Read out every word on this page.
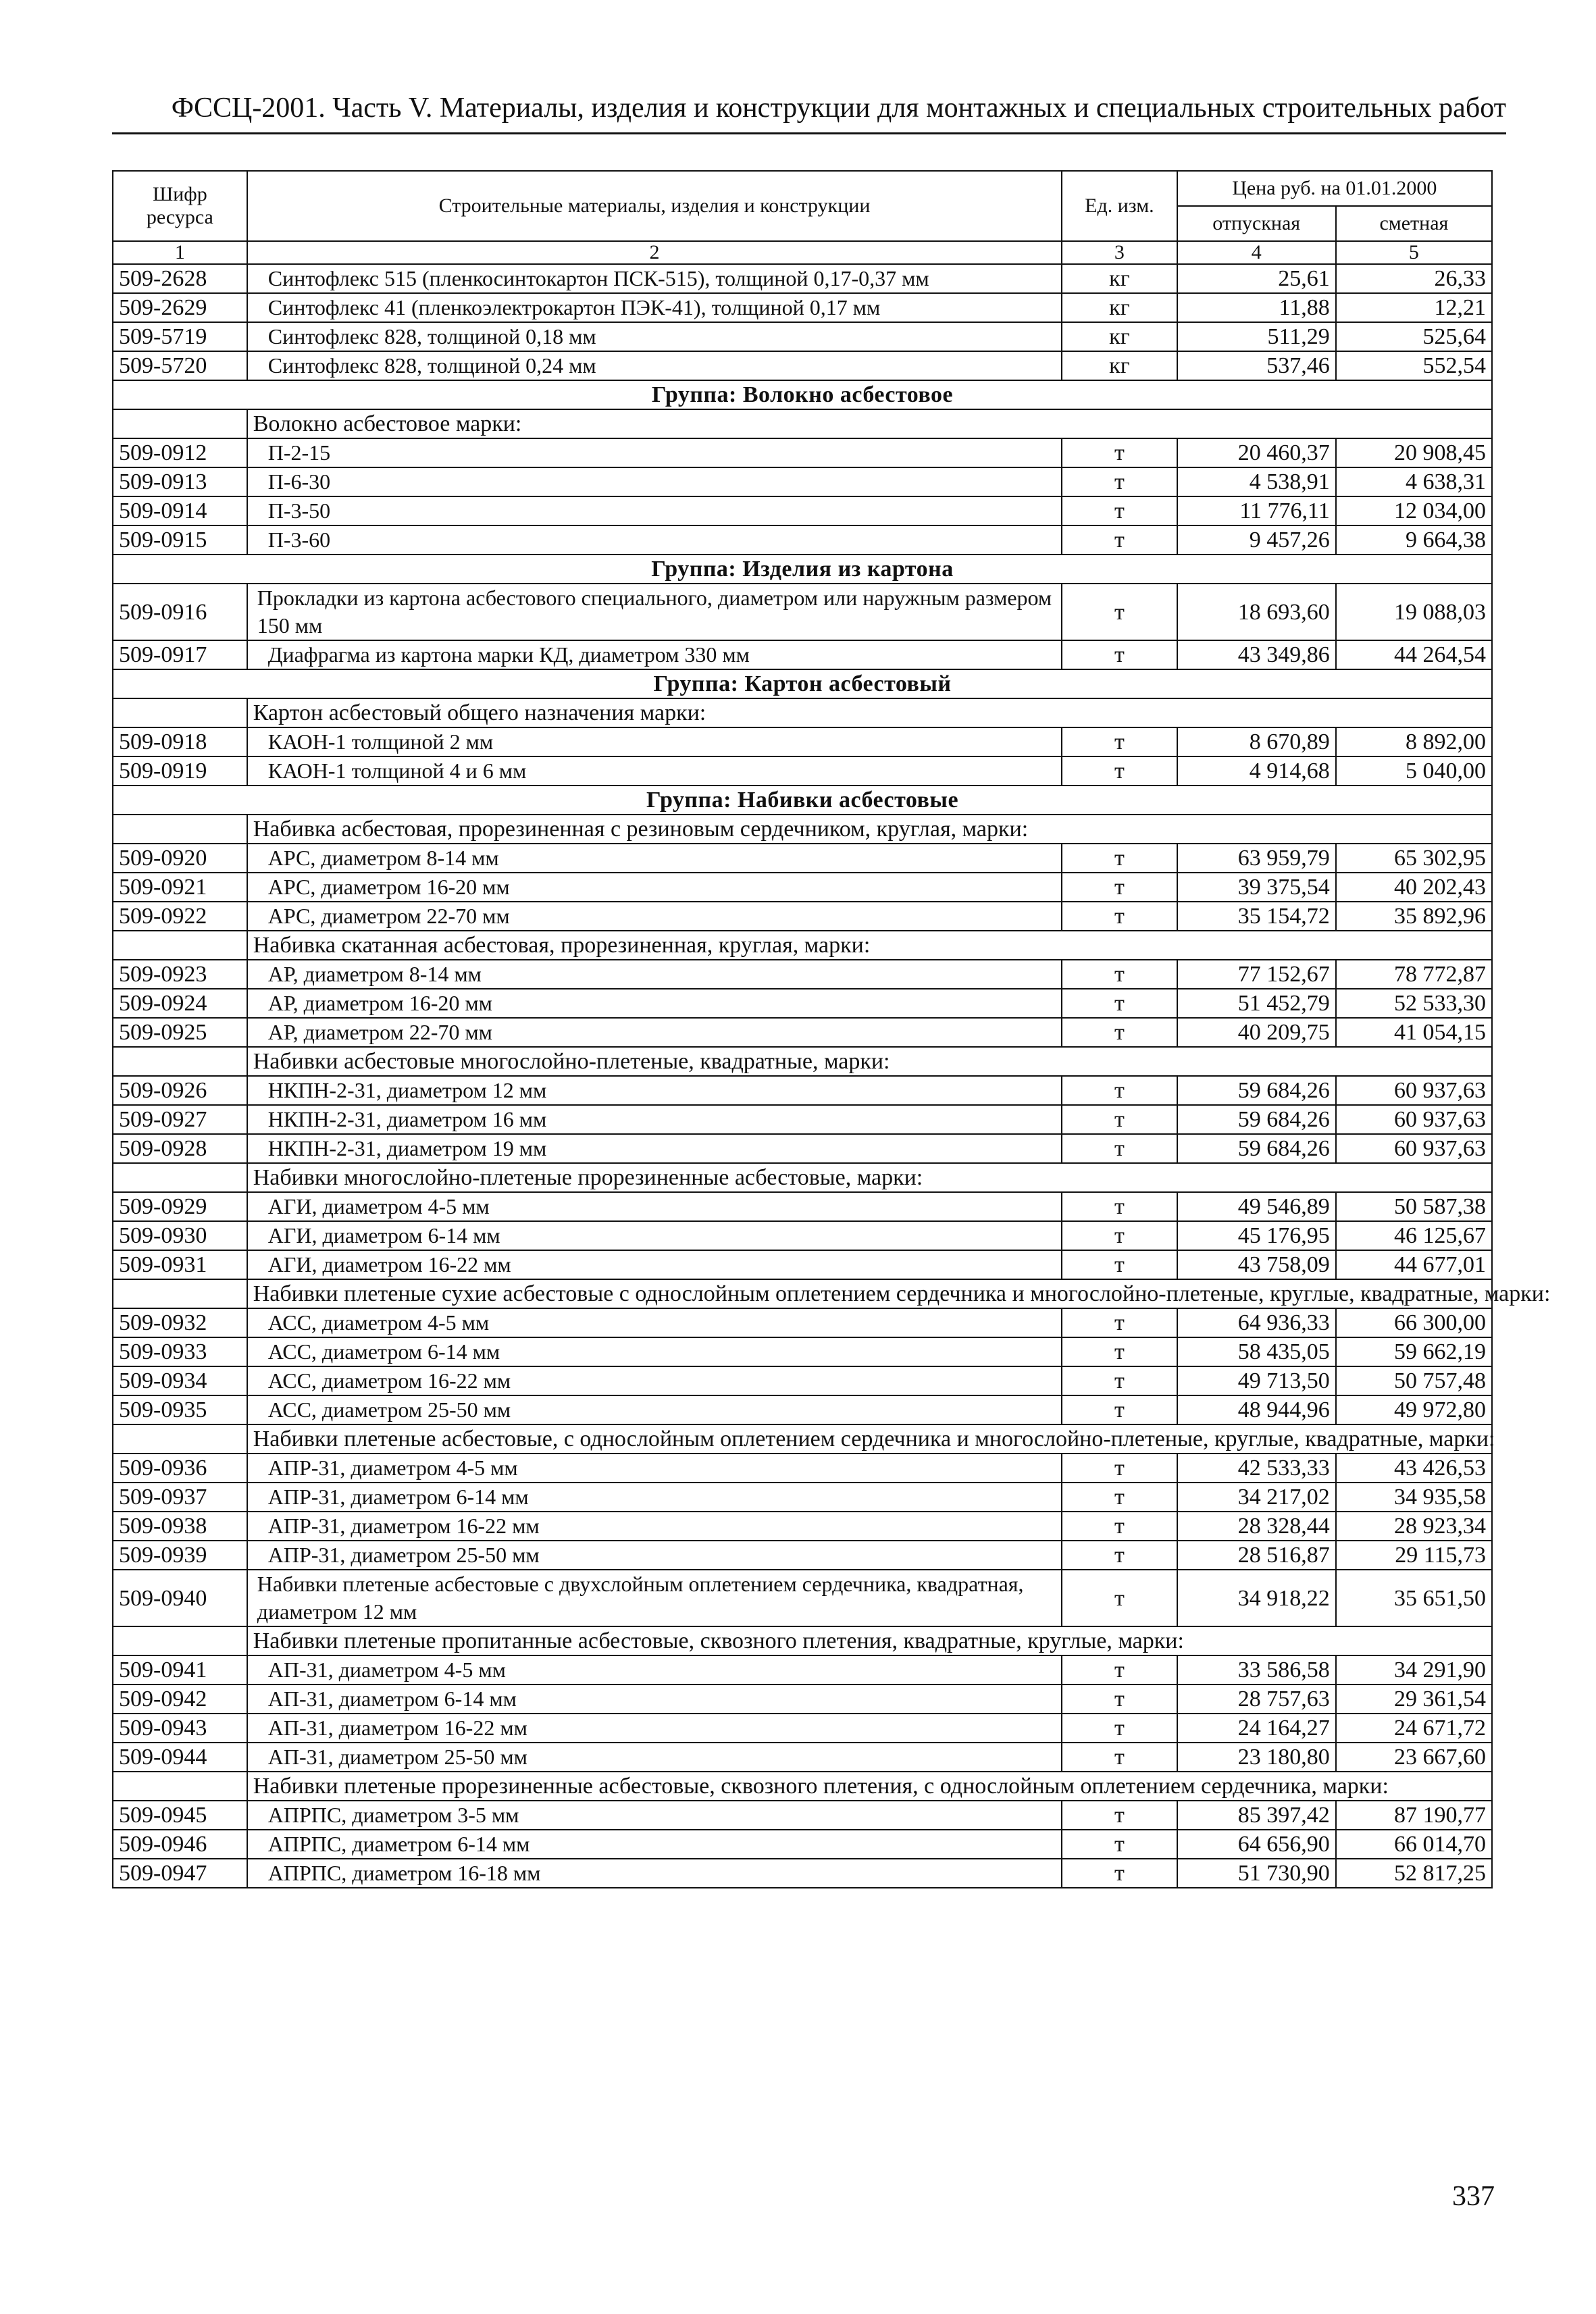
ФССЦ-2001. Часть V. Материалы, изделия и конструкции для монтажных и специальных строительных работ
Шифр ресурса	Строительные материалы, изделия и конструкции	Ед. изм.	Цена руб. на 01.01.2000	
			отпускная	сметная
1	2	3	4	5
509-2628	Синтофлекс 515 (пленкосинтокартон ПСК-515), толщиной 0,17-0,37 мм	кг	25,61	26,33
509-2629	Синтофлекс 41 (пленкоэлектрокартон ПЭК-41), толщиной 0,17 мм	кг	11,88	12,21
509-5719	Синтофлекс 828, толщиной 0,18 мм	кг	511,29	525,64
509-5720	Синтофлекс 828, толщиной 0,24 мм	кг	537,46	552,54
Группа: Волокно асбестовое				
	Волокно асбестовое марки:			
509-0912	П-2-15	т	20 460,37	20 908,45
509-0913	П-6-30	т	4 538,91	4 638,31
509-0914	П-3-50	т	11 776,11	12 034,00
509-0915	П-3-60	т	9 457,26	9 664,38
Группа: Изделия из картона				
509-0916	Прокладки из картона асбестового специального, диаметром или наружным размером 150 мм	т	18 693,60	19 088,03
509-0917	Диафрагма из картона марки КД, диаметром 330 мм	т	43 349,86	44 264,54
Группа: Картон асбестовый				
	Картон асбестовый общего назначения марки:			
509-0918	КАОН-1 толщиной 2 мм	т	8 670,89	8 892,00
509-0919	КАОН-1 толщиной 4 и 6 мм	т	4 914,68	5 040,00
Группа: Набивки асбестовые				
	Набивка асбестовая, прорезиненная с резиновым сердечником, круглая, марки:			
509-0920	АРС, диаметром 8-14 мм	т	63 959,79	65 302,95
509-0921	АРС, диаметром 16-20 мм	т	39 375,54	40 202,43
509-0922	АРС, диаметром 22-70 мм	т	35 154,72	35 892,96
	Набивка скатанная асбестовая, прорезиненная, круглая, марки:			
509-0923	АР, диаметром 8-14 мм	т	77 152,67	78 772,87
509-0924	АР, диаметром 16-20 мм	т	51 452,79	52 533,30
509-0925	АР, диаметром 22-70 мм	т	40 209,75	41 054,15
	Набивки асбестовые многослойно-плетеные, квадратные, марки:			
509-0926	НКПН-2-31, диаметром 12 мм	т	59 684,26	60 937,63
509-0927	НКПН-2-31, диаметром 16 мм	т	59 684,26	60 937,63
509-0928	НКПН-2-31, диаметром 19 мм	т	59 684,26	60 937,63
	Набивки многослойно-плетеные прорезиненные асбестовые, марки:			
509-0929	АГИ, диаметром 4-5 мм	т	49 546,89	50 587,38
509-0930	АГИ, диаметром 6-14 мм	т	45 176,95	46 125,67
509-0931	АГИ, диаметром 16-22 мм	т	43 758,09	44 677,01
	Набивки плетеные сухие асбестовые с однослойным оплетением сердечника и многослойно-плетеные, круглые, квадратные, марки:			
509-0932	АСС, диаметром 4-5 мм	т	64 936,33	66 300,00
509-0933	АСС, диаметром 6-14 мм	т	58 435,05	59 662,19
509-0934	АСС, диаметром 16-22 мм	т	49 713,50	50 757,48
509-0935	АСС, диаметром 25-50 мм	т	48 944,96	49 972,80
	Набивки плетеные асбестовые, с однослойным оплетением сердечника и многослойно-плетеные, круглые, квадратные, марки:			
509-0936	АПР-31, диаметром 4-5 мм	т	42 533,33	43 426,53
509-0937	АПР-31, диаметром 6-14 мм	т	34 217,02	34 935,58
509-0938	АПР-31, диаметром 16-22 мм	т	28 328,44	28 923,34
509-0939	АПР-31, диаметром 25-50 мм	т	28 516,87	29 115,73
509-0940	Набивки плетеные асбестовые с двухслойным оплетением сердечника, квадратная, диаметром 12 мм	т	34 918,22	35 651,50
	Набивки плетеные пропитанные асбестовые, сквозного плетения, квадратные, круглые, марки:			
509-0941	АП-31, диаметром 4-5 мм	т	33 586,58	34 291,90
509-0942	АП-31, диаметром 6-14 мм	т	28 757,63	29 361,54
509-0943	АП-31, диаметром 16-22 мм	т	24 164,27	24 671,72
509-0944	АП-31, диаметром 25-50 мм	т	23 180,80	23 667,60
	Набивки плетеные прорезиненные асбестовые, сквозного плетения, с однослойным оплетением сердечника, марки:			
509-0945	АПРПС, диаметром 3-5 мм	т	85 397,42	87 190,77
509-0946	АПРПС, диаметром 6-14 мм	т	64 656,90	66 014,70
509-0947	АПРПС, диаметром 16-18 мм	т	51 730,90	52 817,25
337
